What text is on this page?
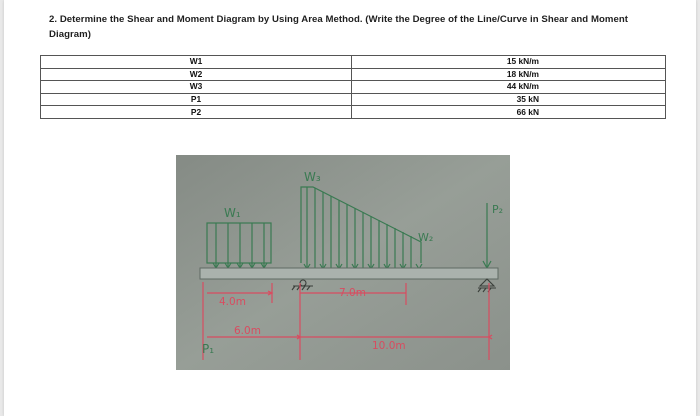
2. Determine the Shear and Moment Diagram by Using Area Method. (Write the Degree of the Line/Curve in Shear and Moment Diagram)
W1	15 kN/m
W2	18 kN/m
W3	44 kN/m
P1	35 kN
P2	66 kN
W₁
W₃
W₂
P₂
P₁
4.0m
7.0m
6.0m
10.0m
